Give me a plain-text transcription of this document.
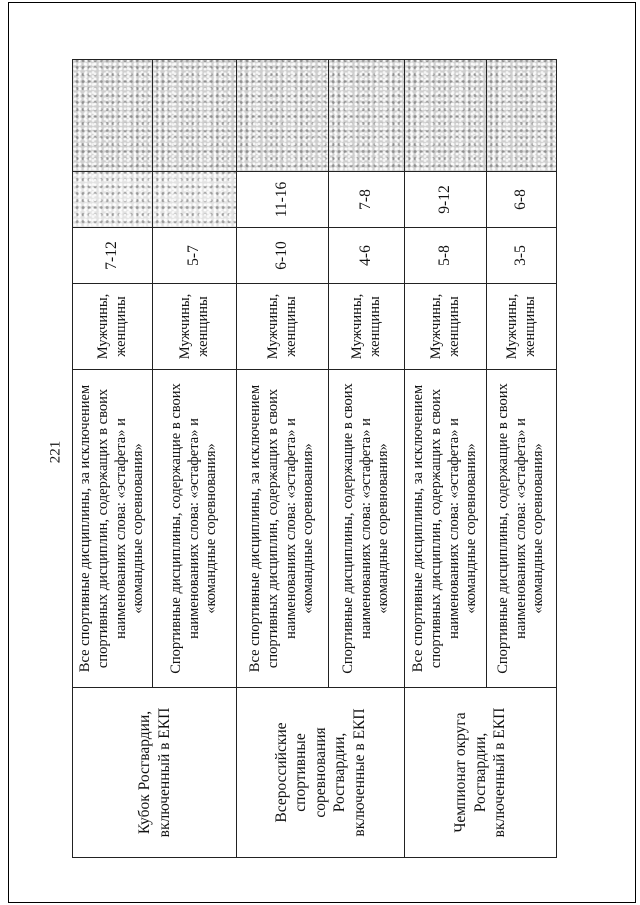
221
Кубок Росгвардии, включенный в ЕКП	Все спортивные дисциплины, за исключением спортивных дисциплин, содержащих в своих наименованиях слова: «эстафета» и «командные соревнования»	Мужчины, женщины	7-12		
	Спортивные дисциплины, содержащие в своих наименованиях слова: «эстафета» и «командные соревнования»	Мужчины, женщины	5-7		
Всероссийские спортивные соревнования Росгвардии, включенные в ЕКП	Все спортивные дисциплины, за исключением спортивных дисциплин, содержащих в своих наименованиях слова: «эстафета» и «командные соревнования»	Мужчины, женщины	6-10	11-16	
	Спортивные дисциплины, содержащие в своих наименованиях слова: «эстафета» и «командные соревнования»	Мужчины, женщины	4-6	7-8	
Чемпионат округа Росгвардии, включенный в ЕКП	Все спортивные дисциплины, за исключением спортивных дисциплин, содержащих в своих наименованиях слова: «эстафета» и «командные соревнования»	Мужчины, женщины	5-8	9-12	
	Спортивные дисциплины, содержащие в своих наименованиях слова: «эстафета» и «командные соревнования»	Мужчины, женщины	3-5	6-8	
